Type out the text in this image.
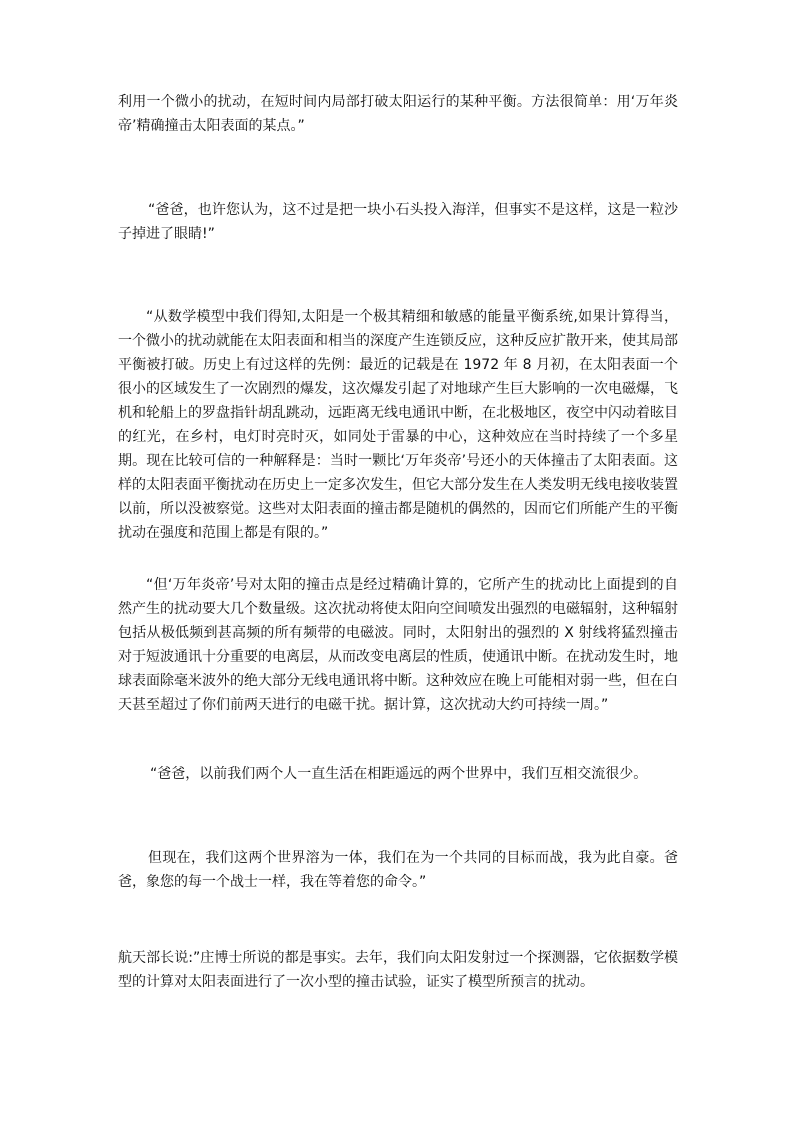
利用一个微小的扰动，在短时间内局部打破太阳运行的某种平衡。方法很简单：用‘万年炎帝’精确撞击太阳表面的某点。”

“爸爸，也许您认为，这不过是把一块小石头投入海洋，但事实不是这样，这是一粒沙子掉进了眼睛!”

“从数学模型中我们得知,太阳是一个极其精细和敏感的能量平衡系统,如果计算得当，一个微小的扰动就能在太阳表面和相当的深度产生连锁反应，这种反应扩散开来，使其局部平衡被打破。历史上有过这样的先例：最近的记载是在 1972 年 8 月初，在太阳表面一个很小的区域发生了一次剧烈的爆发，这次爆发引起了对地球产生巨大影响的一次电磁爆，飞机和轮船上的罗盘指针胡乱跳动，远距离无线电通讯中断，在北极地区，夜空中闪动着眩目的红光，在乡村，电灯时亮时灭，如同处于雷暴的中心，这种效应在当时持续了一个多星期。现在比较可信的一种解释是：当时一颗比‘万年炎帝’号还小的天体撞击了太阳表面。这样的太阳表面平衡扰动在历史上一定多次发生，但它大部分发生在人类发明无线电接收装置以前，所以没被察觉。这些对太阳表面的撞击都是随机的偶然的，因而它们所能产生的平衡扰动在强度和范围上都是有限的。”

“但‘万年炎帝’号对太阳的撞击点是经过精确计算的，它所产生的扰动比上面提到的自然产生的扰动要大几个数量级。这次扰动将使太阳向空间喷发出强烈的电磁辐射，这种辐射包括从极低频到甚高频的所有频带的电磁波。同时，太阳射出的强烈的 X 射线将猛烈撞击对于短波通讯十分重要的电离层，从而改变电离层的性质，使通讯中断。在扰动发生时，地球表面除毫米波外的绝大部分无线电通讯将中断。这种效应在晚上可能相对弱一些，但在白天甚至超过了你们前两天进行的电磁干扰。据计算，这次扰动大约可持续一周。”

“爸爸，以前我们两个人一直生活在相距遥远的两个世界中，我们互相交流很少。

但现在，我们这两个世界溶为一体，我们在为一个共同的目标而战，我为此自豪。爸爸，象您的每一个战士一样，我在等着您的命令。”

航天部长说:”庄博士所说的都是事实。去年，我们向太阳发射过一个探测器，它依据数学模型的计算对太阳表面进行了一次小型的撞击试验，证实了模型所预言的扰动。
